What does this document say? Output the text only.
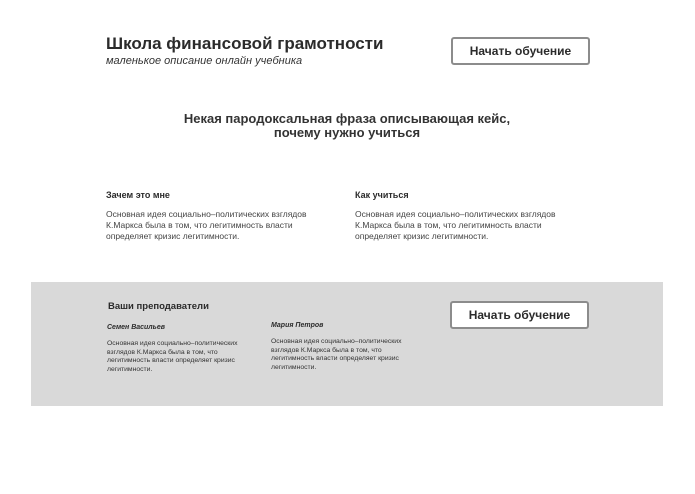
Школа финансовой грамотности

маленькое описание онлайн учебника

Начать обучение
Некая пародоксальная фраза описывающая кейс,
почему нужно учиться
Зачем это мне

Основная идея социально–политических взглядов
К.Маркса была в том, что легитимность власти
определяет кризис легитимности.

Как учиться

Основная идея социально–политических взглядов
К.Маркса была в том, что легитимность власти
определяет кризис легитимности.

Ваши преподаватели
Семен Васильев

Основная идея социально–политических
взглядов К.Маркса была в том, что
легитимность власти определяет кризис
легитимности.

Мария Петров

Основная идея социально–политических
взглядов К.Маркса была в том, что
легитимность власти определяет кризис
легитимности.

Начать обучение
